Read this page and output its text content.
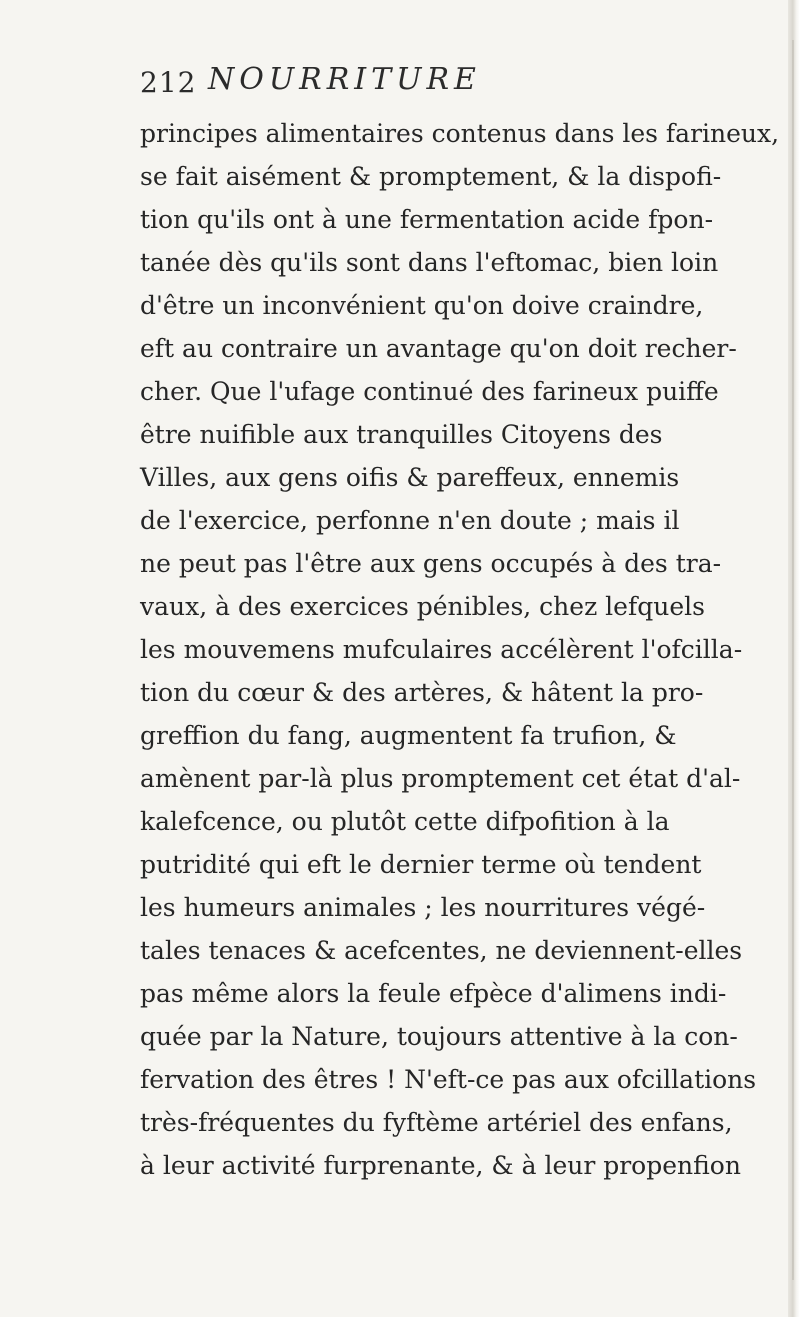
212 NOURRITURE
principes alimentaires contenus dans les farineux,
se fait aisément & promptement, & la dispofi-
tion qu'ils ont à une fermentation acide fpon-
tanée dès qu'ils sont dans l'eftomac, bien loin
d'être un inconvénient qu'on doive craindre,
eft au contraire un avantage qu'on doit recher-
cher. Que l'ufage continué des farineux puiffe
être nuifible aux tranquilles Citoyens des
Villes, aux gens oifis & pareffeux, ennemis
de l'exercice, perfonne n'en doute ; mais il
ne peut pas l'être aux gens occupés à des tra-
vaux, à des exercices pénibles, chez lefquels
les mouvemens mufculaires accélèrent l'ofcilla-
tion du cœur & des artères, & hâtent la pro-
greffion du fang, augmentent fa trufion, &
amènent par-là plus promptement cet état d'al-
kalefcence, ou plutôt cette difpofition à la
putridité qui eft le dernier terme où tendent
les humeurs animales ; les nourritures végé-
tales tenaces & acefcentes, ne deviennent-elles
pas même alors la feule efpèce d'alimens indi-
quée par la Nature, toujours attentive à la con-
fervation des êtres ! N'eft-ce pas aux ofcillations
très-fréquentes du fyftème artériel des enfans,
à leur activité furprenante, & à leur propenfion
